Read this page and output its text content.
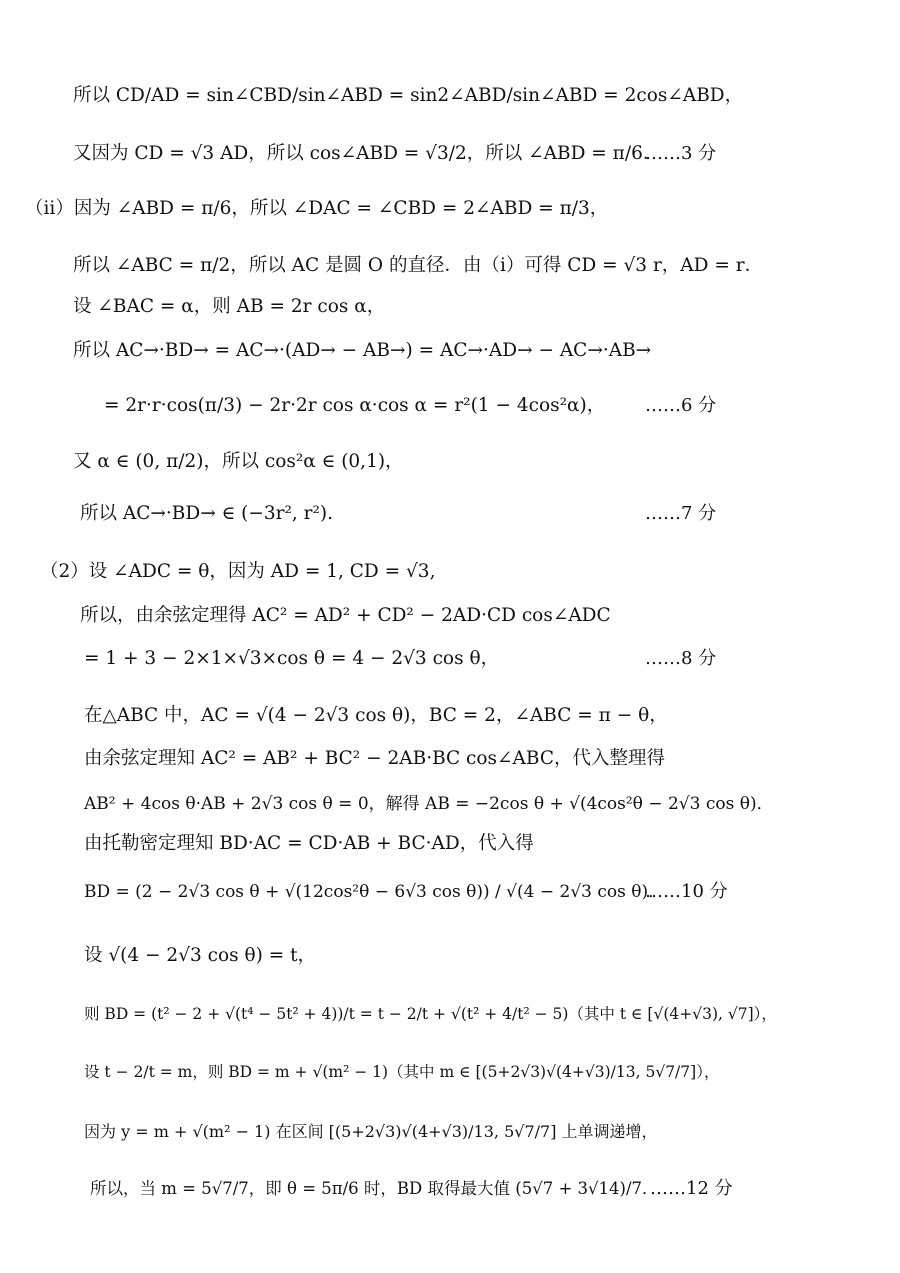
所以 CD/AD = sin∠CBD/sin∠ABD = sin2∠ABD/sin∠ABD = 2cos∠ABD，
又因为 CD = √3 AD，所以 cos∠ABD = √3/2，所以 ∠ABD = π/6．
（ii）因为 ∠ABD = π/6，所以 ∠DAC = ∠CBD = 2∠ABD = π/3，
所以 ∠ABC = π/2，所以 AC 是圆 O 的直径．由（i）可得 CD = √3 r，AD = r．
设 ∠BAC = α，则 AB = 2r cos α，
所以 AC→·BD→ = AC→·(AD→ − AB→) = AC→·AD→ − AC→·AB→
= 2r·r·cos(π/3) − 2r·2r cos α·cos α = r²(1 − 4cos²α)，
又 α ∈ (0, π/2)，所以 cos²α ∈ (0,1)，
所以 AC→·BD→ ∈ (−3r², r²).
（2）设 ∠ADC = θ，因为 AD = 1, CD = √3,
所以，由余弦定理得 AC² = AD² + CD² − 2AD·CD cos∠ADC
= 1 + 3 − 2×1×√3×cos θ = 4 − 2√3 cos θ，
在△ABC 中，AC = √(4 − 2√3 cos θ)，BC = 2，∠ABC = π − θ，
由余弦定理知 AC² = AB² + BC² − 2AB·BC cos∠ABC，代入整理得
AB² + 4cos θ·AB + 2√3 cos θ = 0，解得 AB = −2cos θ + √(4cos²θ − 2√3 cos θ)．
由托勒密定理知 BD·AC = CD·AB + BC·AD，代入得
BD = (2 − 2√3 cos θ + √(12cos²θ − 6√3 cos θ)) / √(4 − 2√3 cos θ)．
设 √(4 − 2√3 cos θ) = t，
则 BD = (t² − 2 + √(t⁴ − 5t² + 4))/t = t − 2/t + √(t² + 4/t² − 5)（其中 t ∈ [√(4+√3), √7]），
设 t − 2/t = m，则 BD = m + √(m² − 1)（其中 m ∈ [(5+2√3)√(4+√3)/13, 5√7/7]），
因为 y = m + √(m² − 1) 在区间 [(5+2√3)√(4+√3)/13, 5√7/7] 上单调递增，
所以，当 m = 5√7/7，即 θ = 5π/6 时，BD 取得最大值 (5√7 + 3√14)/7．
……3 分
……6 分
……7 分
……8 分
……10 分
……12 分
